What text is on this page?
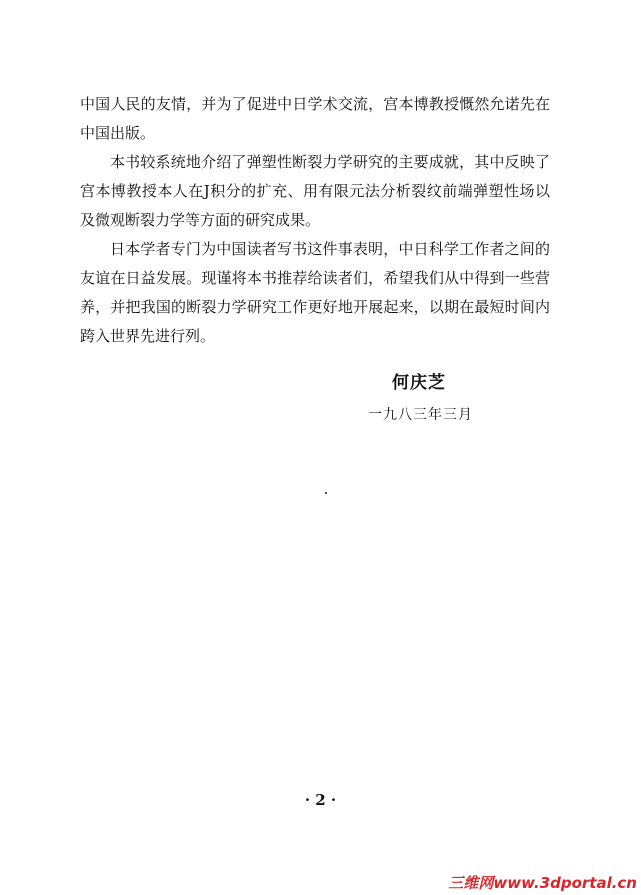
中国人民的友情，并为了促进中日学术交流，宫本博教授慨然允诺先在中国出版。

本书较系统地介绍了弹塑性断裂力学研究的主要成就，其中反映了宫本博教授本人在J积分的扩充、用有限元法分析裂纹前端弹塑性场以及微观断裂力学等方面的研究成果。

日本学者专门为中国读者写书这件事表明，中日科学工作者之间的友谊在日益发展。现谨将本书推荐给读者们，希望我们从中得到一些营养，并把我国的断裂力学研究工作更好地开展起来，以期在最短时间内跨入世界先进行列。

何庆芝
一九八三年三月
· 2 ·
三维网www.3dportal.cn
